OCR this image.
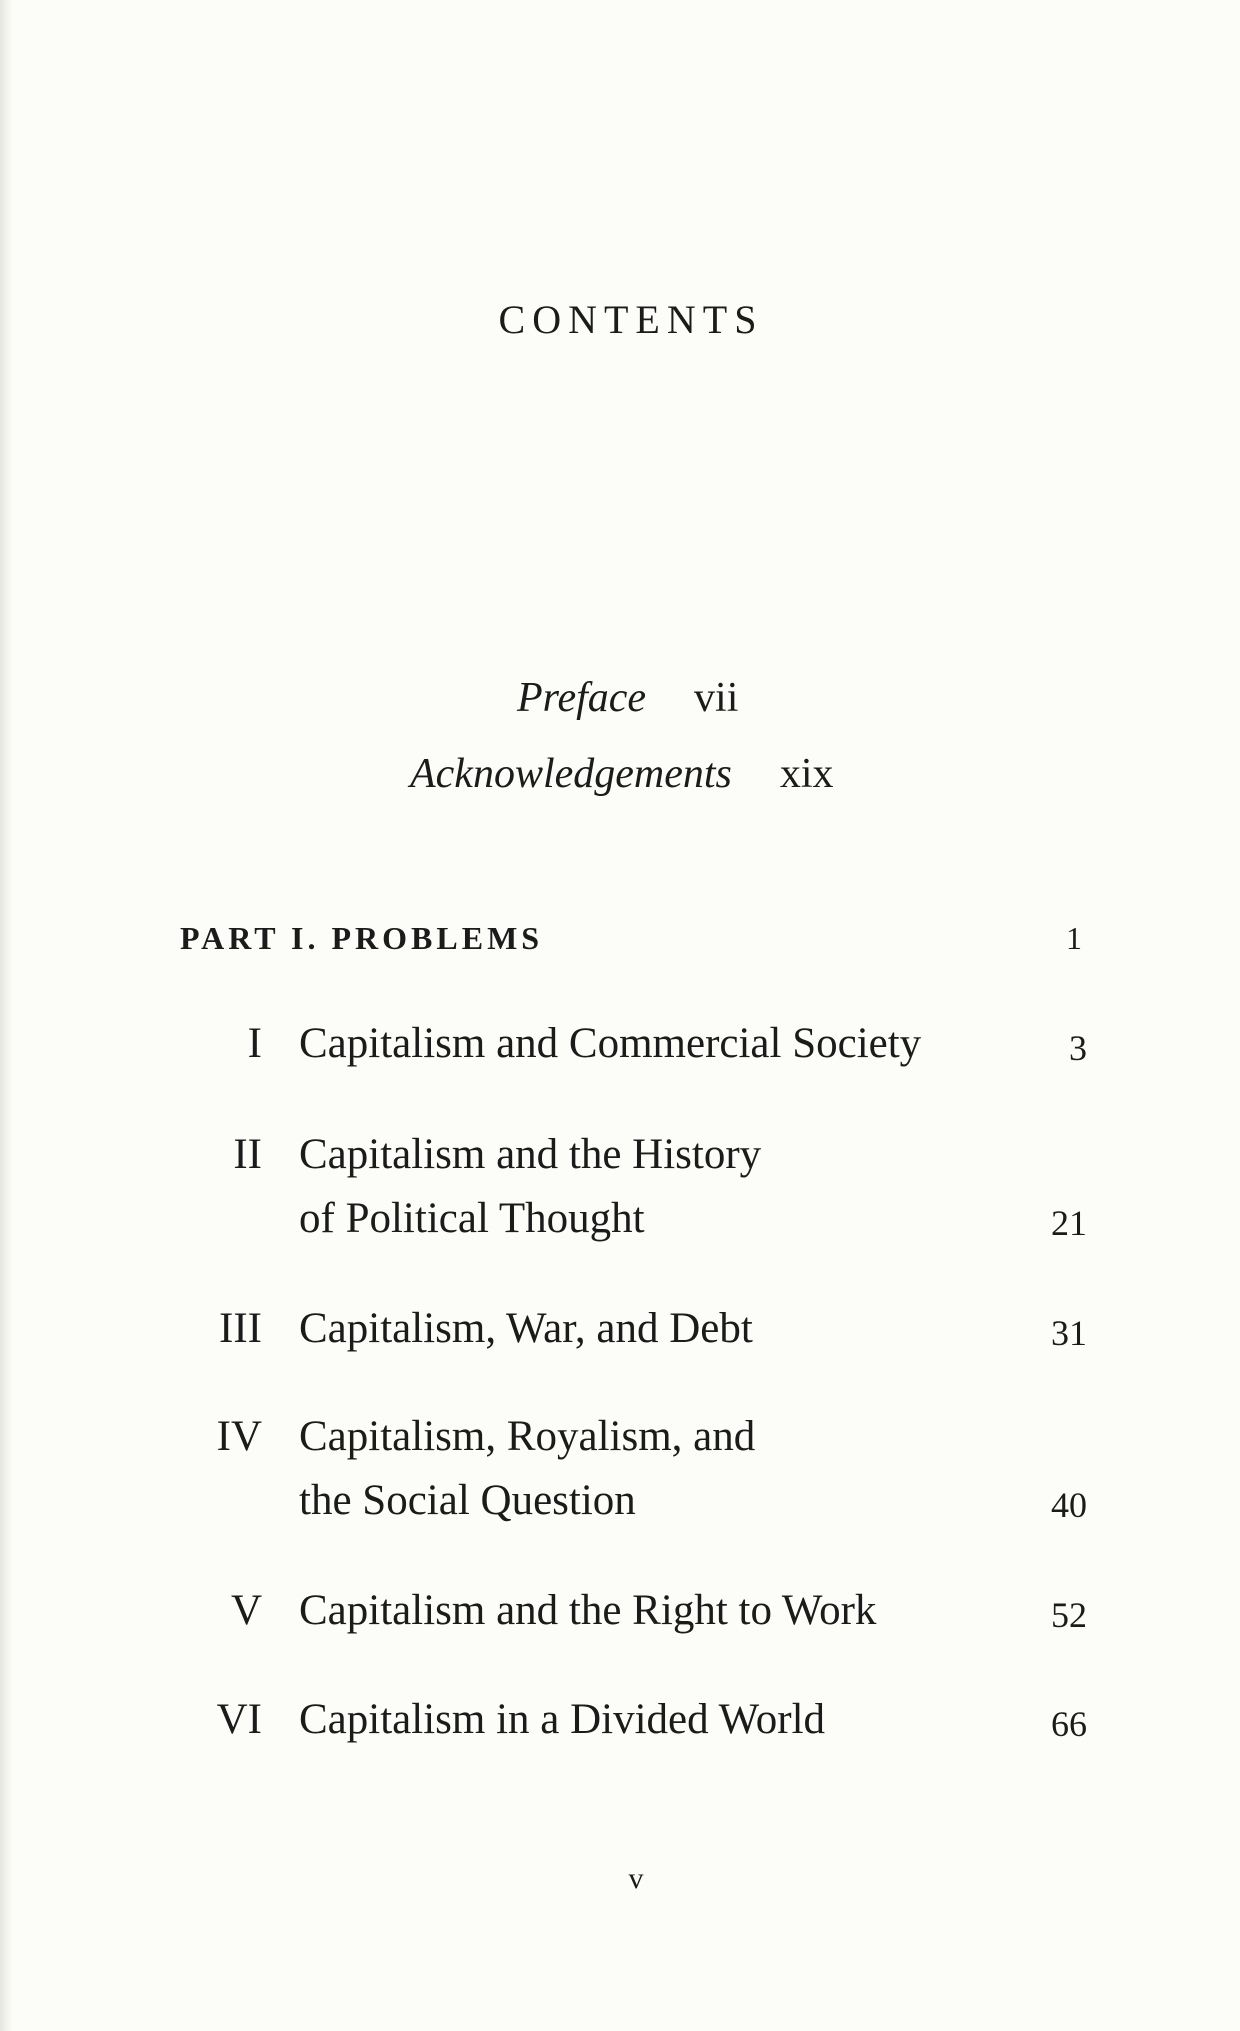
CONTENTS
Preface vii
Acknowledgements xix
PART I. PROBLEMS	1
I Capitalism and Commercial Society	3
II Capitalism and the History
of Political Thought	21
III Capitalism, War, and Debt	31
IV Capitalism, Royalism, and
the Social Question	40
V Capitalism and the Right to Work	52
VI Capitalism in a Divided World	66
v
